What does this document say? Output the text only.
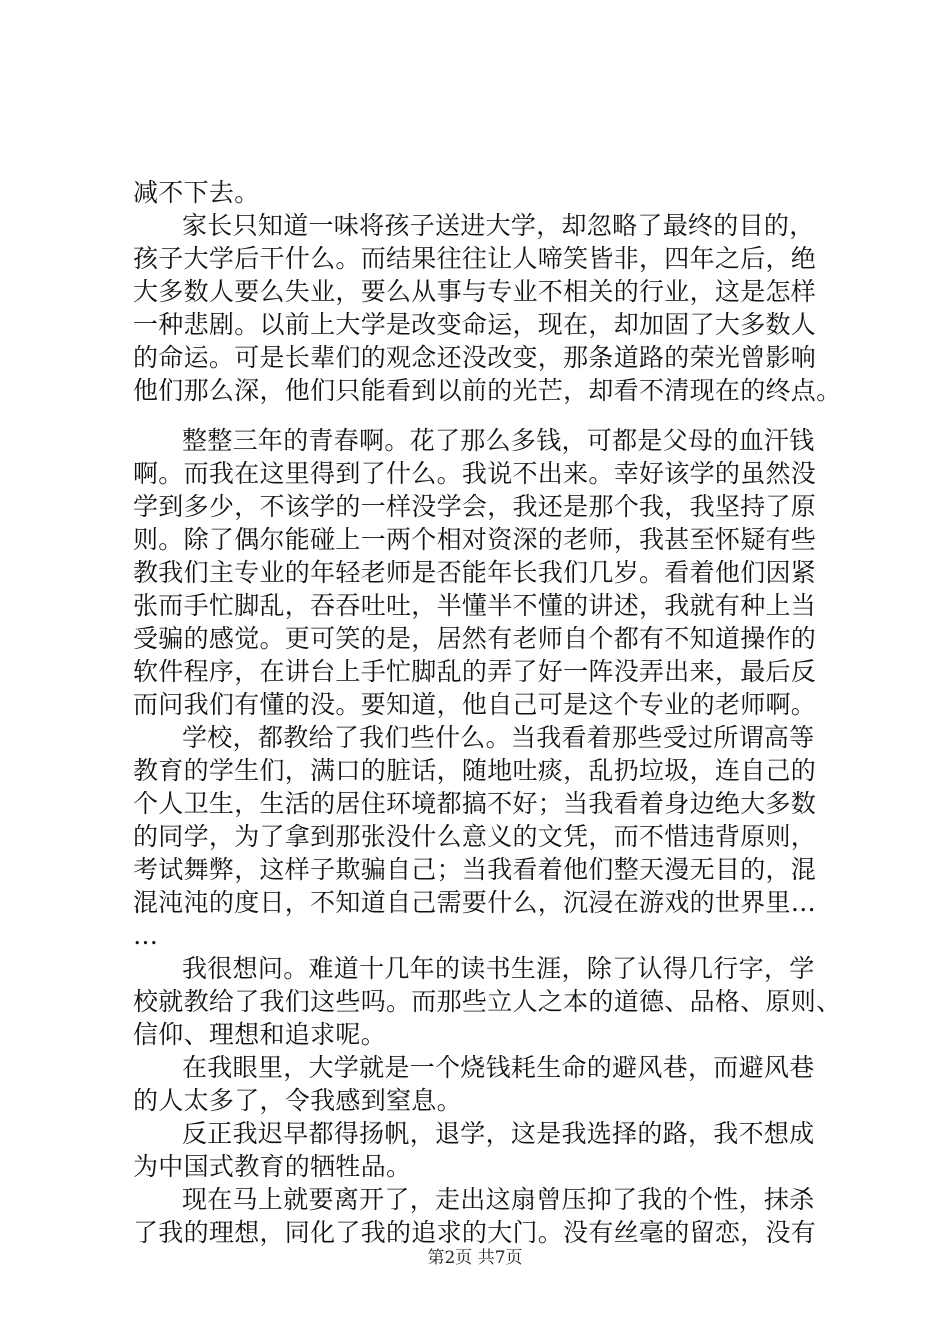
减不下去。
家长只知道一味将孩子送进大学，却忽略了最终的目的，
孩子大学后干什么。而结果往往让人啼笑皆非，四年之后，绝
大多数人要么失业，要么从事与专业不相关的行业，这是怎样
一种悲剧。以前上大学是改变命运，现在，却加固了大多数人
的命运。可是长辈们的观念还没改变，那条道路的荣光曾影响
他们那么深，他们只能看到以前的光芒，却看不清现在的终点。
整整三年的青春啊。花了那么多钱，可都是父母的血汗钱
啊。而我在这里得到了什么。我说不出来。幸好该学的虽然没
学到多少，不该学的一样没学会，我还是那个我，我坚持了原
则。除了偶尔能碰上一两个相对资深的老师，我甚至怀疑有些
教我们主专业的年轻老师是否能年长我们几岁。看着他们因紧
张而手忙脚乱，吞吞吐吐，半懂半不懂的讲述，我就有种上当
受骗的感觉。更可笑的是，居然有老师自个都有不知道操作的
软件程序，在讲台上手忙脚乱的弄了好一阵没弄出来，最后反
而问我们有懂的没。要知道，他自己可是这个专业的老师啊。
学校，都教给了我们些什么。当我看着那些受过所谓高等
教育的学生们，满口的脏话，随地吐痰，乱扔垃圾，连自己的
个人卫生，生活的居住环境都搞不好；当我看着身边绝大多数
的同学，为了拿到那张没什么意义的文凭，而不惜违背原则，
考试舞弊，这样子欺骗自己；当我看着他们整天漫无目的，混
混沌沌的度日，不知道自己需要什么，沉浸在游戏的世界里…
…
我很想问。难道十几年的读书生涯，除了认得几行字，学
校就教给了我们这些吗。而那些立人之本的道德、品格、原则、
信仰、理想和追求呢。
在我眼里，大学就是一个烧钱耗生命的避风巷，而避风巷
的人太多了，令我感到窒息。
反正我迟早都得扬帆，退学，这是我选择的路，我不想成
为中国式教育的牺牲品。
现在马上就要离开了，走出这扇曾压抑了我的个性，抹杀
了我的理想，同化了我的追求的大门。没有丝毫的留恋，没有
第2页 共7页
